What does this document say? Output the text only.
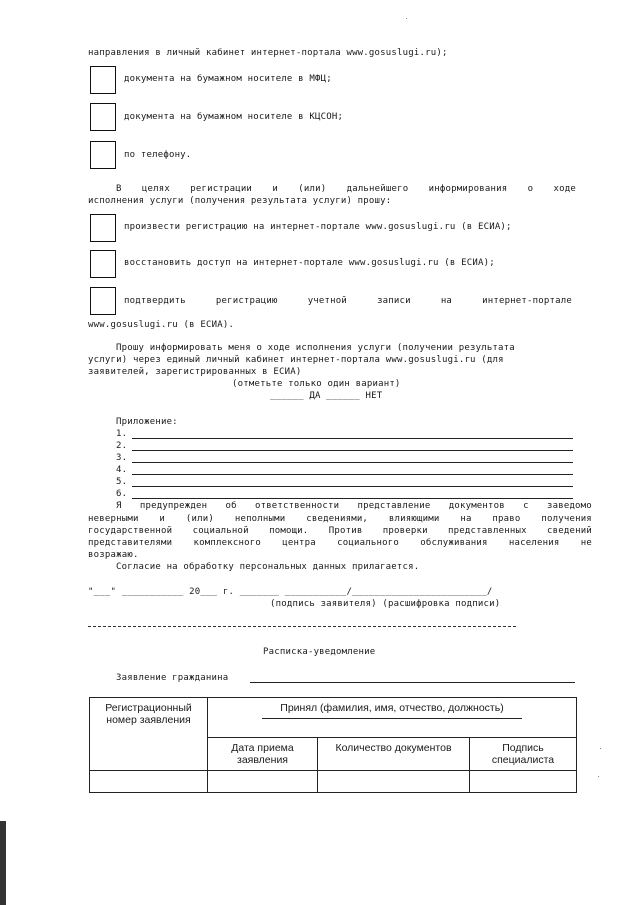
направления в личный кабинет интернет-портала www.gosuslugi.ru);
документа на бумажном носителе в МФЦ;
документа на бумажном носителе в КЦСОН;
по телефону.
В целях регистрации и (или) дальнейшего информирования о ходе
исполнения услуги (получения результата услуги) прошу:
произвести регистрацию на интернет-портале www.gosuslugi.ru (в ЕСИА);
восстановить доступ на интернет-портале www.gosuslugi.ru (в ЕСИА);
подтвердить	регистрацию	учетной	записи	на	интернет-портале
www.gosuslugi.ru (в ЕСИА).
Прошу информировать меня о ходе исполнения услуги (получении результата
услуги) через единый личный кабинет интернет-портала www.gosuslugi.ru (для
заявителей, зарегистрированных в ЕСИА)
(отметьте только один вариант)
______ ДА ______ НЕТ
Приложение:
1.
2.
3.
4.
5.
6.
Я предупрежден об ответственности представление документов с заведомо
неверными и (или) неполными сведениями, влияющими на право получения
государственной социальной помощи. Против проверки представленных сведений
представителями комплексного центра социального обслуживания населения не
возражаю.
Согласие на обработку персональных данных прилагается.
"___" ___________ 20___ г. _______ ___________/________________________/
(подпись заявителя) (расшифровка подписи)
Расписка-уведомление
Заявление гражданина
Регистрационный номер заявления	Принял (фамилия, имя, отчество, должность)		

	Дата приема заявления	Количество документов	Подпись специалиста
